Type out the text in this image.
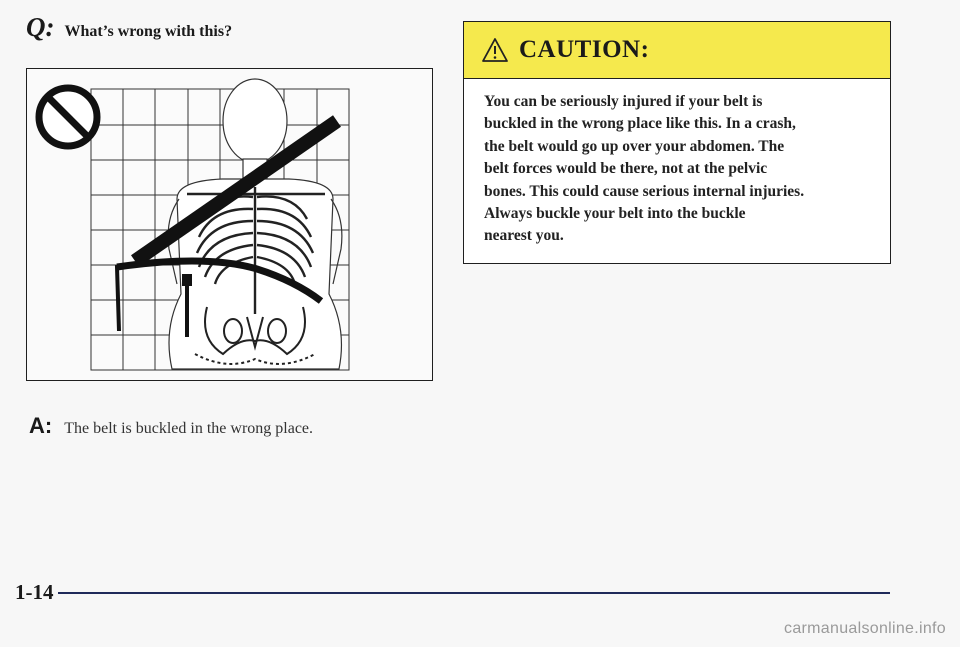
Q: What’s wrong with this?
A: The belt is buckled in the wrong place.
CAUTION:
You can be seriously injured if your belt is
buckled in the wrong place like this. In a crash,
the belt would go up over your abdomen. The
belt forces would be there, not at the pelvic
bones. This could cause serious internal injuries.
Always buckle your belt into the buckle
nearest you.
1-14
carmanualsonline.info
